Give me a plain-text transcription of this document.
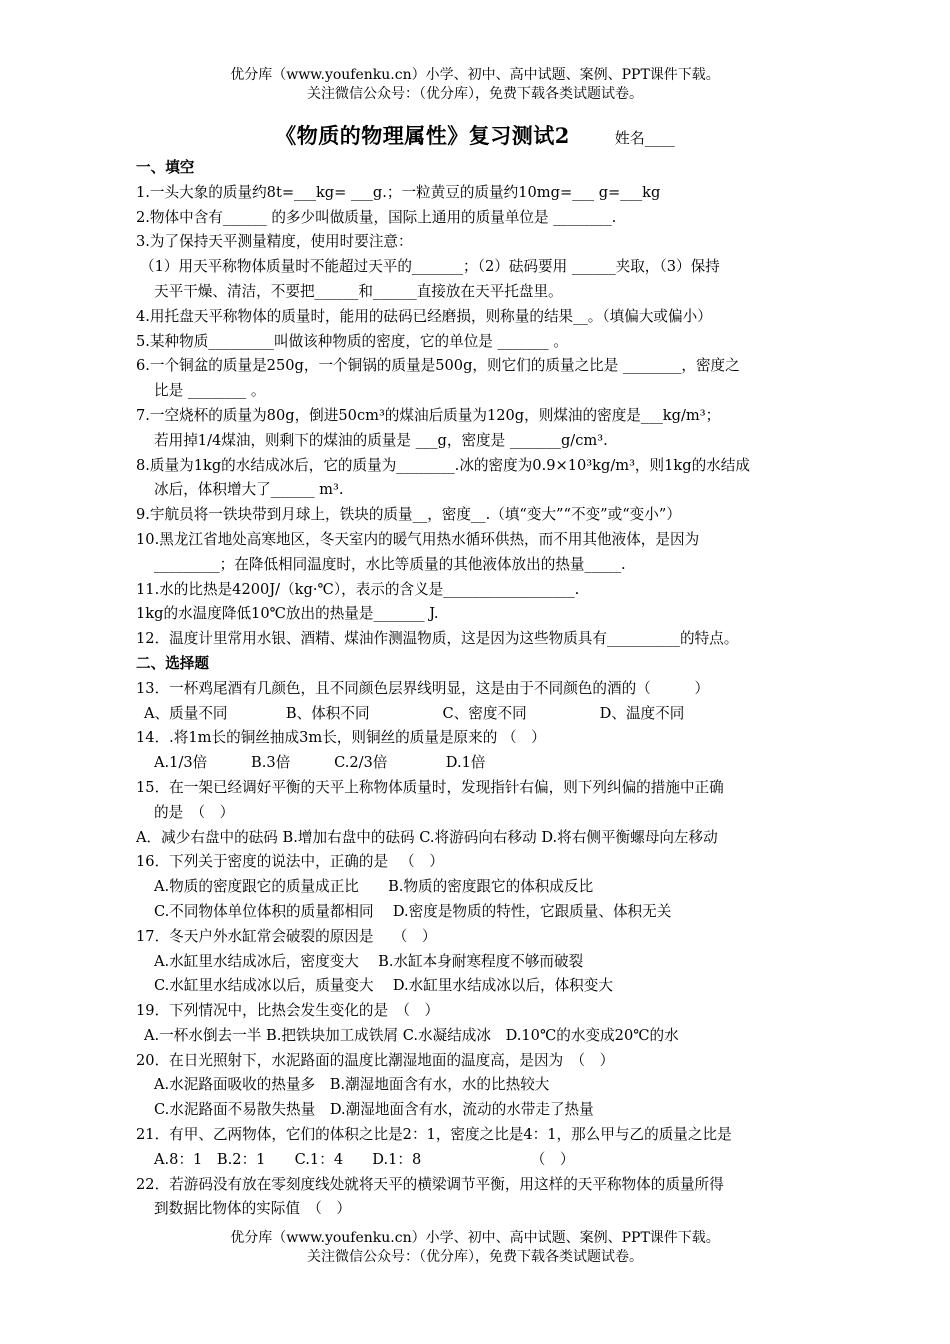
优分库（www.youfenku.cn）小学、初中、高中试题、案例、PPT课件下载。
关注微信公众号：（优分库），免费下载各类试题试卷。
《物质的物理属性》复习测试2	姓名____
一、填空
1.一头大象的质量约8t=___kg= ___g.；一粒黄豆的质量约10mg=___ g=___kg
2.物体中含有______ 的多少叫做质量，国际上通用的质量单位是 ________.
3.为了保持天平测量精度，使用时要注意：
（1）用天平称物体质量时不能超过天平的_______；（2）砝码要用 ______夹取，（3）保持
天平干燥、清洁，不要把______和______直接放在天平托盘里。
4.用托盘天平称物体的质量时，能用的砝码已经磨损，则称量的结果__。（填偏大或偏小）
5.某种物质_________叫做该种物质的密度，它的单位是 _______ 。
6.一个铜盆的质量是250g，一个铜锅的质量是500g，则它们的质量之比是 ________，密度之
比是 ________ 。
7.一空烧杯的质量为80g，倒进50cm³的煤油后质量为120g，则煤油的密度是___kg/m³；
若用掉1/4煤油，则剩下的煤油的质量是 ___g，密度是 _______g/cm³.
8.质量为1kg的水结成冰后，它的质量为________.冰的密度为0.9×10³kg/m³，则1kg的水结成
冰后，体积增大了______ m³.
9.宇航员将一铁块带到月球上，铁块的质量__，密度__.（填“变大”“不变”或“变小”）
10.黑龙江省地处高寒地区，冬天室内的暖气用热水循环供热，而不用其他液体，是因为
_________；在降低相同温度时，水比等质量的其他液体放出的热量_____.
11.水的比热是4200J/（kg·℃），表示的含义是__________________.
1kg的水温度降低10℃放出的热量是_______ J.
12．温度计里常用水银、酒精、煤油作测温物质，这是因为这些物质具有__________的特点。
二、选择题
13．一杯鸡尾酒有几颜色，且不同颜色层界线明显，这是由于不同颜色的酒的（　　　）
A、质量不同　　　　B、体积不同　　　　　C、密度不同　　　　　D、温度不同
14．.将1m长的铜丝抽成3m长，则铜丝的质量是原来的 （　）
A.1/3倍　　　B.3倍　　　C.2/3倍　　　　D.1倍
15．在一架已经调好平衡的天平上称物体质量时，发现指针右偏，则下列纠偏的措施中正确
的是　（　）
A．减少右盘中的砝码 B.增加右盘中的砝码 C.将游码向右移动 D.将右侧平衡螺母向左移动
16．下列关于密度的说法中，正确的是 　（　）
A.物质的密度跟它的质量成正比　　B.物质的密度跟它的体积成反比
C.不同物体单位体积的质量都相同　 D.密度是物质的特性，它跟质量、体积无关
17．冬天户外水缸常会破裂的原因是　 （　）
A.水缸里水结成冰后，密度变大　 B.水缸本身耐寒程度不够而破裂
C.水缸里水结成冰以后，质量变大　 D.水缸里水结成冰以后，体积变大
19．下列情况中，比热会发生变化的是　（　）
A.一杯水倒去一半 B.把铁块加工成铁屑 C.水凝结成冰　D.10℃的水变成20℃的水
20．在日光照射下，水泥路面的温度比潮湿地面的温度高，是因为　（　）
A.水泥路面吸收的热量多　B.潮湿地面含有水，水的比热较大
C.水泥路面不易散失热量　D.潮湿地面含有水，流动的水带走了热量
21．有甲、乙两物体，它们的体积之比是2：1，密度之比是4：1，那么甲与乙的质量之比是
A.8：1　B.2：1　　C.1：4　　D.1：8　　　　　　　　（　）
22．若游码没有放在零刻度线处就将天平的横梁调节平衡，用这样的天平称物体的质量所得
到数据比物体的实际值　（　）
优分库（www.youfenku.cn）小学、初中、高中试题、案例、PPT课件下载。
关注微信公众号：（优分库），免费下载各类试题试卷。
